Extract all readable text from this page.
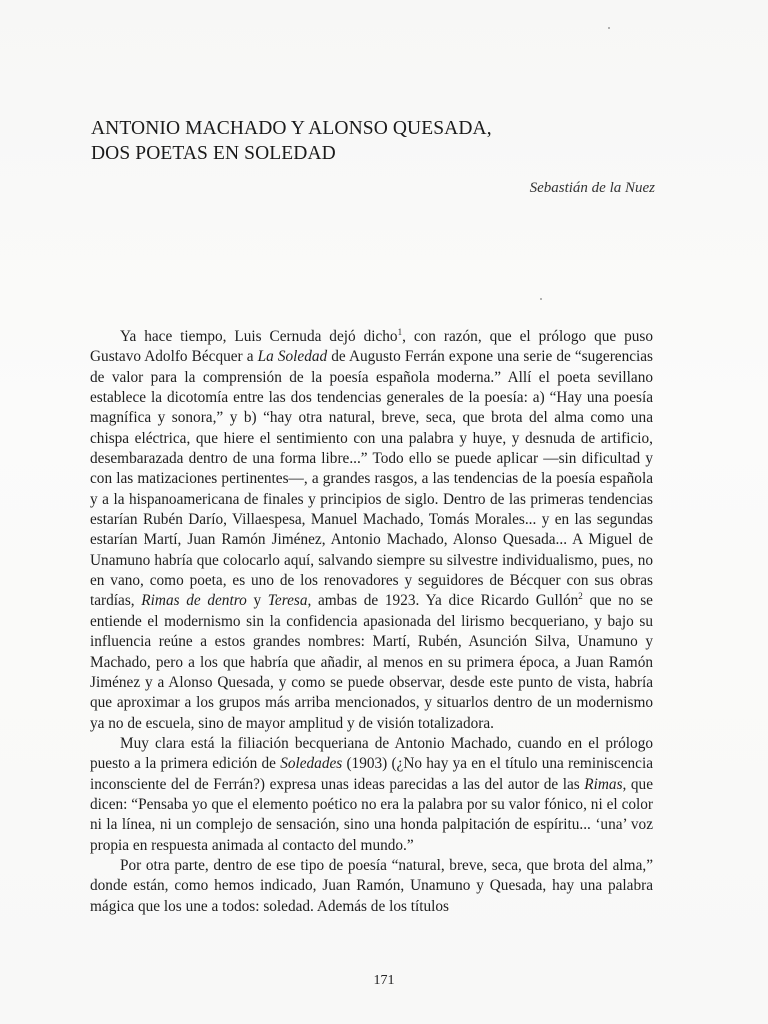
ANTONIO MACHADO Y ALONSO QUESADA,
DOS POETAS EN SOLEDAD
Sebastián de la Nuez

Ya hace tiempo, Luis Cernuda dejó dicho$^1$, con razón, que el prólogo que puso Gustavo Adolfo Bécquer a La Soledad de Augusto Ferrán expone una serie de “sugerencias de valor para la comprensión de la poesía española moderna.” Allí el poeta sevillano establece la dicotomía entre las dos tendencias generales de la poesía: a) “Hay una poesía magnífica y sonora,” y b) “hay otra natural, breve, seca, que brota del alma como una chispa eléctrica, que hiere el sentimiento con una palabra y huye, y desnuda de artificio, desembarazada dentro de una forma libre...” Todo ello se puede aplicar —sin dificultad y con las matizaciones pertinentes—, a grandes rasgos, a las tendencias de la poesía española y a la hispanoamericana de finales y principios de siglo. Dentro de las primeras tendencias estarían Rubén Darío, Villaespesa, Manuel Machado, Tomás Morales... y en las segundas estarían Martí, Juan Ramón Jiménez, Antonio Machado, Alonso Quesada... A Miguel de Unamuno habría que colocarlo aquí, salvando siempre su silvestre individualismo, pues, no en vano, como poeta, es uno de los renovadores y seguidores de Bécquer con sus obras tardías, Rimas de dentro y Teresa, ambas de 1923. Ya dice Ricardo Gullón$^2$ que no se entiende el modernismo sin la confidencia apasionada del lirismo becqueriano, y bajo su influencia reúne a estos grandes nombres: Martí, Rubén, Asunción Silva, Unamuno y Machado, pero a los que habría que añadir, al menos en su primera época, a Juan Ramón Jiménez y a Alonso Quesada, y como se puede observar, desde este punto de vista, habría que aproximar a los grupos más arriba mencionados, y situarlos dentro de un modernismo ya no de escuela, sino de mayor amplitud y de visión totalizadora.

Muy clara está la filiación becqueriana de Antonio Machado, cuando en el prólogo puesto a la primera edición de Soledades (1903) (¿No hay ya en el título una reminiscencia inconsciente del de Ferrán?) expresa unas ideas parecidas a las del autor de las Rimas, que dicen: “Pensaba yo que el elemento poético no era la palabra por su valor fónico, ni el color ni la línea, ni un complejo de sensación, sino una honda palpitación de espíritu... ‘una’ voz propia en respuesta animada al contacto del mundo.”

Por otra parte, dentro de ese tipo de poesía “natural, breve, seca, que brota del alma,” donde están, como hemos indicado, Juan Ramón, Unamuno y Quesada, hay una palabra mágica que los une a todos: soledad. Además de los títulos

171
